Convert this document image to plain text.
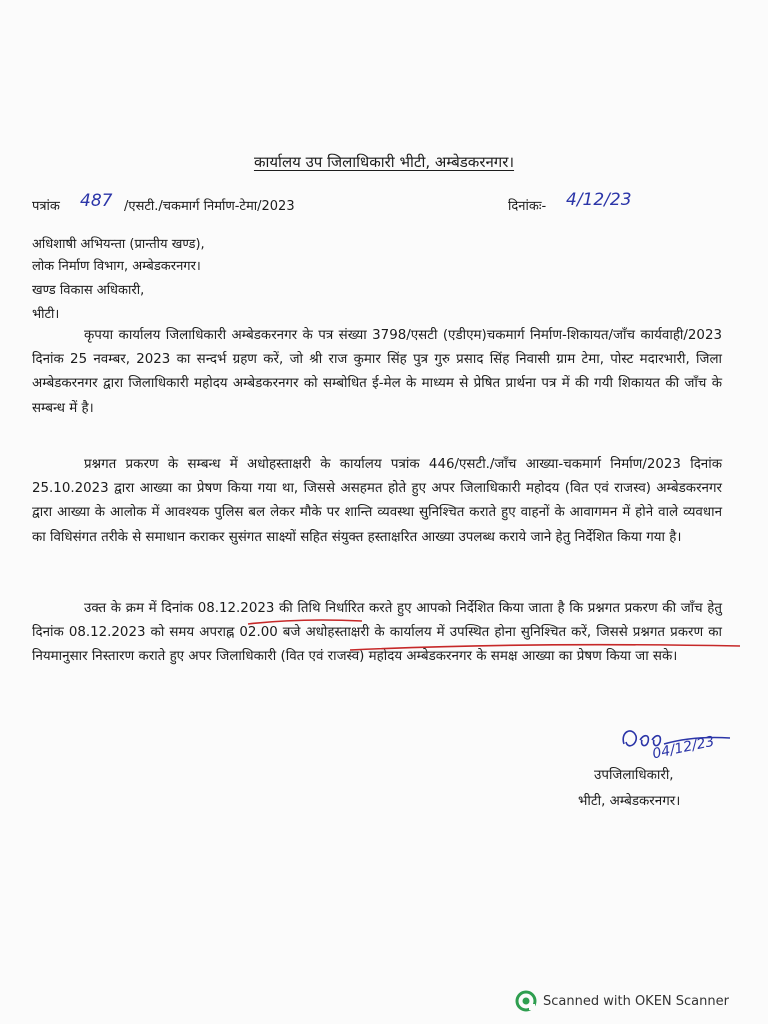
कार्यालय उप जिलाधिकारी भीटी, अम्बेडकरनगर।
पत्रांक 487 /एसटी./चकमार्ग निर्माण-टेमा/2023	दिनांकः- 4/12/23
अधिशाषी अभियन्ता (प्रान्तीय खण्ड),
लोक निर्माण विभाग, अम्बेडकरनगर।
खण्ड विकास अधिकारी,
भीटी।
कृपया कार्यालय जिलाधिकारी अम्बेडकरनगर के पत्र संख्या 3798/एसटी (एडीएम)चकमार्ग निर्माण-शिकायत/जाँच कार्यवाही/2023 दिनांक 25 नवम्बर, 2023 का सन्दर्भ ग्रहण करें, जो श्री राज कुमार सिंह पुत्र गुरु प्रसाद सिंह निवासी ग्राम टेमा, पोस्ट मदारभारी, जिला अम्बेडकरनगर द्वारा जिलाधिकारी महोदय अम्बेडकरनगर को सम्बोधित ई-मेल के माध्यम से प्रेषित प्रार्थना पत्र में की गयी शिकायत की जाँच के सम्बन्ध में है।
प्रश्नगत प्रकरण के सम्बन्ध में अधोहस्ताक्षरी के कार्यालय पत्रांक 446/एसटी./जाँच आख्या-चकमार्ग निर्माण/2023 दिनांक 25.10.2023 द्वारा आख्या का प्रेषण किया गया था, जिससे असहमत होते हुए अपर जिलाधिकारी महोदय (वित एवं राजस्व) अम्बेडकरनगर द्वारा आख्या के आलोक में आवश्यक पुलिस बल लेकर मौके पर शान्ति व्यवस्था सुनिश्चित कराते हुए वाहनों के आवागमन में होने वाले व्यवधान का विधिसंगत तरीके से समाधान कराकर सुसंगत साक्ष्यों सहित संयुक्त हस्ताक्षरित आख्या उपलब्ध कराये जाने हेतु निर्देशित किया गया है।
उक्त के क्रम में दिनांक 08.12.2023 की तिथि निर्धारित करते हुए आपको निर्देशित किया जाता है कि प्रश्नगत प्रकरण की जाँच हेतु दिनांक 08.12.2023 को समय अपराह्न 02.00 बजे अधोहस्ताक्षरी के कार्यालय में उपस्थित होना सुनिश्चित करें, जिससे प्रश्नगत प्रकरण का नियमानुसार निस्तारण कराते हुए अपर जिलाधिकारी (वित एवं राजस्व) महोदय अम्बेडकरनगर के समक्ष आख्या का प्रेषण किया जा सके।
04/12/23
उपजिलाधिकारी,
भीटी, अम्बेडकरनगर।
Scanned with OKEN Scanner
